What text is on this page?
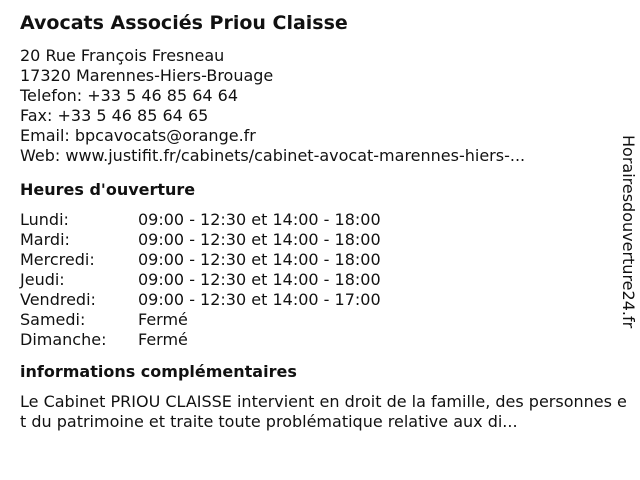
Avocats Associés Priou Claisse
20 Rue François Fresneau
17320 Marennes-Hiers-Brouage
Telefon: +33 5 46 85 64 64
Fax: +33 5 46 85 64 65
Email: bpcavocats@orange.fr
Web: www.justifit.fr/cabinets/cabinet-avocat-marennes-hiers-...
Heures d'ouverture
Lundi:	09:00 - 12:30 et 14:00 - 18:00
Mardi:	09:00 - 12:30 et 14:00 - 18:00
Mercredi:	09:00 - 12:30 et 14:00 - 18:00
Jeudi:	09:00 - 12:30 et 14:00 - 18:00
Vendredi:	09:00 - 12:30 et 14:00 - 17:00
Samedi:	Fermé
Dimanche:	Fermé
informations complémentaires
Le Cabinet PRIOU CLAISSE intervient en droit de la famille, des personnes et du patrimoine et traite toute problématique relative aux di...
Horairesdouverture24.fr
